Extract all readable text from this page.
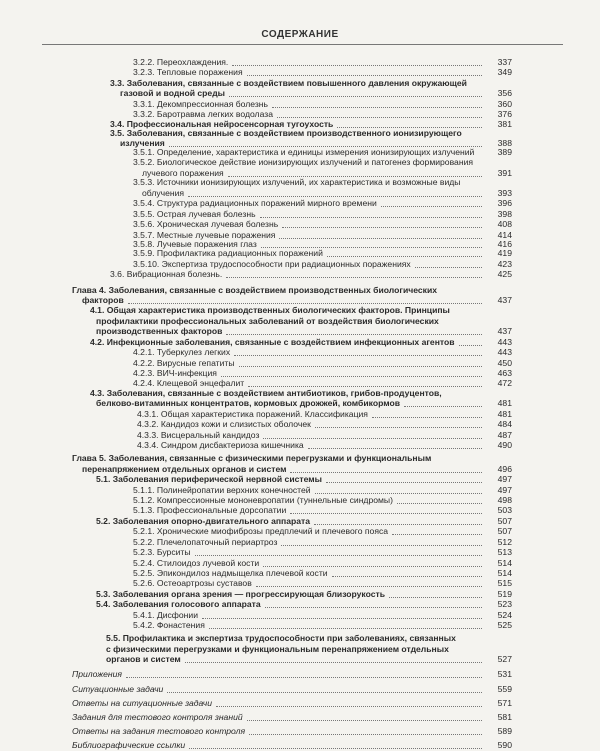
СОДЕРЖАНИЕ
3.2.2. Переохлаждения.	337
3.2.3. Тепловые поражения	349
3.3. Заболевания, связанные с воздействием повышенного давления окружающей
газовой и водной среды	356
3.3.1. Декомпрессионная болезнь	360
3.3.2. Баротравма легких водолаза	376
3.4. Профессиональная нейросенсорная тугоухость	381
3.5. Заболевания, связанные с воздействием производственного ионизирующего
излучения	388
3.5.1. Определение, характеристика и единицы измерения ионизирующих излучений	389
3.5.2. Биологическое действие ионизирующих излучений и патогенез формирования
лучевого поражения	391
3.5.3. Источники ионизирующих излучений, их характеристика и возможные виды
облучения	393
3.5.4. Структура радиационных поражений мирного времени	396
3.5.5. Острая лучевая болезнь	398
3.5.6. Хроническая лучевая болезнь	408
3.5.7. Местные лучевые поражения	414
3.5.8. Лучевые поражения глаз	416
3.5.9. Профилактика радиационных поражений	419
3.5.10. Экспертиза трудоспособности при радиационных поражениях	423
3.6. Вибрационная болезнь.	425
Глава 4. Заболевания, связанные с воздействием производственных биологических
факторов	437
4.1. Общая характеристика производственных биологических факторов. Принципы
профилактики профессиональных заболеваний от воздействия биологических
производственных факторов	437
4.2. Инфекционные заболевания, связанные с воздействием инфекционных агентов	443
4.2.1. Туберкулез легких	443
4.2.2. Вирусные гепатиты	450
4.2.3. ВИЧ-инфекция	463
4.2.4. Клещевой энцефалит	472
4.3. Заболевания, связанные с воздействием антибиотиков, грибов-продуцентов,
белково-витаминных концентратов, кормовых дрожжей, комбикормов	481
4.3.1. Общая характеристика поражений. Классификация	481
4.3.2. Кандидоз кожи и слизистых оболочек	484
4.3.3. Висцеральный кандидоз	487
4.3.4. Синдром дисбактериоза кишечника	490
Глава 5. Заболевания, связанные с физическими перегрузками и функциональным
перенапряжением отдельных органов и систем	496
5.1. Заболевания периферической нервной системы	497
5.1.1. Полинейропатии верхних конечностей	497
5.1.2. Компрессионные мононевропатии (туннельные синдромы)	498
5.1.3. Профессиональные дорсопатии	503
5.2. Заболевания опорно-двигательного аппарата	507
5.2.1. Хронические миофиброзы предплечий и плечевого пояса	507
5.2.2. Плечелопаточный периартроз	512
5.2.3. Бурситы	513
5.2.4. Стилоидоз лучевой кости	514
5.2.5. Эпикондилоз надмыщелка плечевой кости	514
5.2.6. Остеоартрозы суставов	515
5.3. Заболевания органа зрения — прогрессирующая близорукость	519
5.4. Заболевания голосового аппарата	523
5.4.1. Дисфонии	524
5.4.2. Фонастения	525
5.5. Профилактика и экспертиза трудоспособности при заболеваниях, связанных
с физическими перегрузками и функциональным перенапряжением отдельных
органов и систем	527
Приложения	531
Ситуационные задачи	559
Ответы на ситуационные задачи	571
Задания для тестового контроля знаний	581
Ответы на задания тестового контроля	589
Библиографические ссылки	590
